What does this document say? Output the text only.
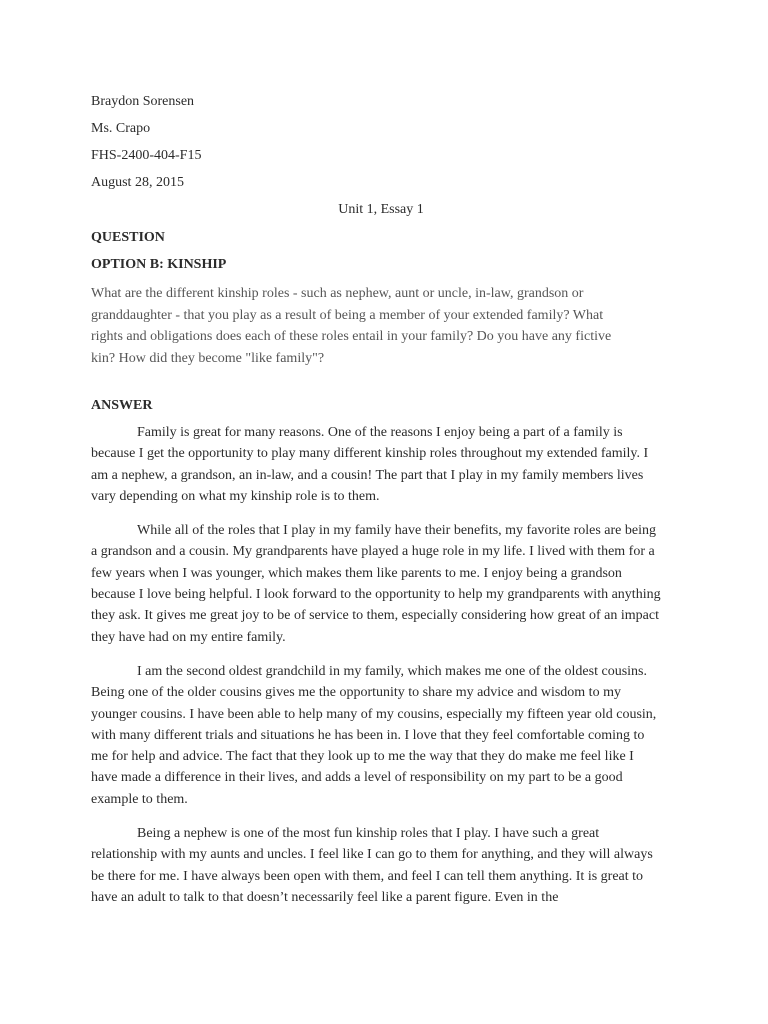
Braydon Sorensen
Ms. Crapo
FHS-2400-404-F15
August 28, 2015
Unit 1, Essay 1
QUESTION
OPTION B: KINSHIP

What are the different kinship roles - such as nephew, aunt or uncle, in-law, grandson or granddaughter - that you play as a result of being a member of your extended family? What rights and obligations does each of these roles entail in your family? Do you have any fictive kin? How did they become "like family"?

ANSWER

Family is great for many reasons. One of the reasons I enjoy being a part of a family is because I get the opportunity to play many different kinship roles throughout my extended family. I am a nephew, a grandson, an in-law, and a cousin! The part that I play in my family members lives vary depending on what my kinship role is to them.

While all of the roles that I play in my family have their benefits, my favorite roles are being a grandson and a cousin. My grandparents have played a huge role in my life. I lived with them for a few years when I was younger, which makes them like parents to me. I enjoy being a grandson because I love being helpful. I look forward to the opportunity to help my grandparents with anything they ask. It gives me great joy to be of service to them, especially considering how great of an impact they have had on my entire family.

I am the second oldest grandchild in my family, which makes me one of the oldest cousins. Being one of the older cousins gives me the opportunity to share my advice and wisdom to my younger cousins. I have been able to help many of my cousins, especially my fifteen year old cousin, with many different trials and situations he has been in. I love that they feel comfortable coming to me for help and advice. The fact that they look up to me the way that they do make me feel like I have made a difference in their lives, and adds a level of responsibility on my part to be a good example to them.

Being a nephew is one of the most fun kinship roles that I play. I have such a great relationship with my aunts and uncles. I feel like I can go to them for anything, and they will always be there for me. I have always been open with them, and feel I can tell them anything. It is great to have an adult to talk to that doesn’t necessarily feel like a parent figure. Even in the
